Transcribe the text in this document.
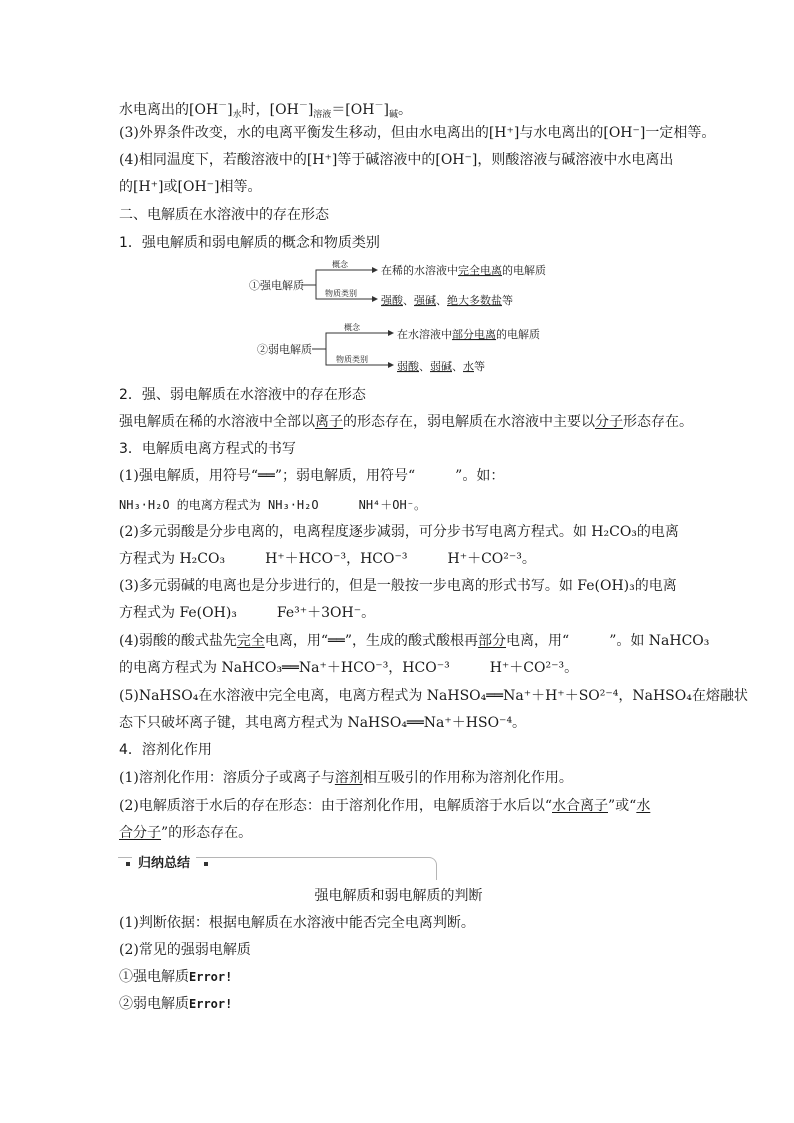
水电离出的$[OH^-]_水$时，$[OH^-]_{溶液}=[OH^-]_碱$。
(3)外界条件改变，水的电离平衡发生移动，但由水电离出的[H⁺]与水电离出的[OH⁻]一定相等。
(4)相同温度下，若酸溶液中的[H⁺]等于碱溶液中的[OH⁻]，则酸溶液与碱溶液中水电离出
的[H⁺]或[OH⁻]相等。
二、电解质在水溶液中的存在形态
1．强电解质和弱电解质的概念和物质类别
①强电解质
概念
物质类别
在稀的水溶液中完全电离的电解质
强酸、强碱、绝大多数盐等
②弱电解质
概念
物质类别
在水溶液中部分电离的电解质
弱酸、弱碱、水等
2．强、弱电解质在水溶液中的存在形态
强电解质在稀的水溶液中全部以离子的形态存在，弱电解质在水溶液中主要以分子形态存在。
3．电解质电离方程式的书写
(1)强电解质，用符号“══”；弱电解质，用符号“	”。如：
NH₃·H₂O 的电离方程式为 NH₃·H₂O	NH⁴＋OH⁻。
(2)多元弱酸是分步电离的，电离程度逐步减弱，可分步书写电离方程式。如 H₂CO₃的电离
方程式为 H₂CO₃	H⁺＋HCO⁻³，HCO⁻³	H⁺＋CO²⁻³。
(3)多元弱碱的电离也是分步进行的，但是一般按一步电离的形式书写。如 Fe(OH)₃的电离
方程式为 Fe(OH)₃	Fe³⁺＋3OH⁻。
(4)弱酸的酸式盐先完全电离，用“══”，生成的酸式酸根再部分电离，用“	”。如 NaHCO₃
的电离方程式为 NaHCO₃══Na⁺＋HCO⁻³，HCO⁻³	H⁺＋CO²⁻³。
(5)NaHSO₄在水溶液中完全电离，电离方程式为 NaHSO₄══Na⁺＋H⁺＋SO²⁻⁴，NaHSO₄在熔融状
态下只破坏离子键，其电离方程式为 NaHSO₄══Na⁺＋HSO⁻⁴。
4．溶剂化作用
(1)溶剂化作用：溶质分子或离子与溶剂相互吸引的作用称为溶剂化作用。
(2)电解质溶于水后的存在形态：由于溶剂化作用，电解质溶于水后以“水合离子”或“水
合分子”的形态存在。
归纳总结
强电解质和弱电解质的判断
(1)判断依据：根据电解质在水溶液中能否完全电离判断。
(2)常见的强弱电解质
①强电解质Error!
②弱电解质Error!
